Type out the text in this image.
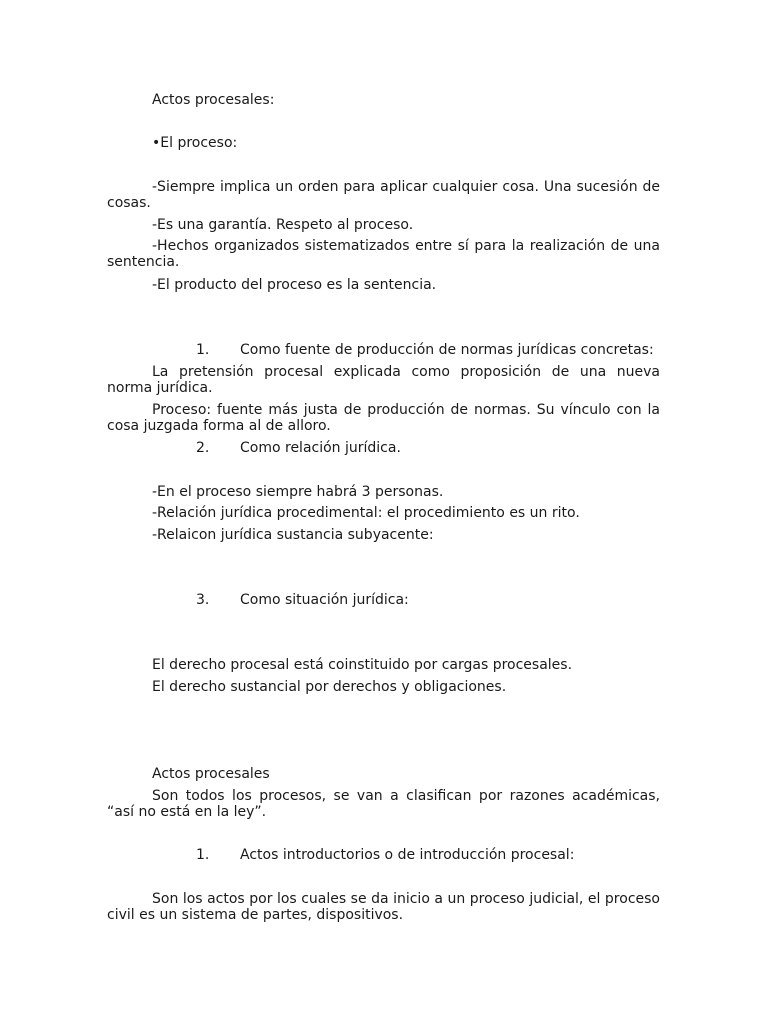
Actos procesales:
•El proceso:
-Siempre implica un orden para aplicar cualquier cosa. Una sucesión de cosas.
-Es una garantía. Respeto al proceso.
-Hechos organizados sistematizados entre sí para la realización de una sentencia.
-El producto del proceso es la sentencia.
1. Como fuente de producción de normas jurídicas concretas:
La pretensión procesal explicada como proposición de una nueva norma jurídica.
Proceso: fuente más justa de producción de normas. Su vínculo con la cosa juzgada forma al de alloro.
2. Como relación jurídica.
-En el proceso siempre habrá 3 personas.
-Relación jurídica procedimental: el procedimiento es un rito.
-Relaicon jurídica sustancia subyacente:
3. Como situación jurídica:
El derecho procesal está coinstituido por cargas procesales.
El derecho sustancial por derechos y obligaciones.
Actos procesales
Son todos los procesos, se van a clasifican por razones académicas, “así no está en la ley”.
1. Actos introductorios o de introducción procesal:
Son los actos por los cuales se da inicio a un proceso judicial, el proceso civil es un sistema de partes, dispositivos.
